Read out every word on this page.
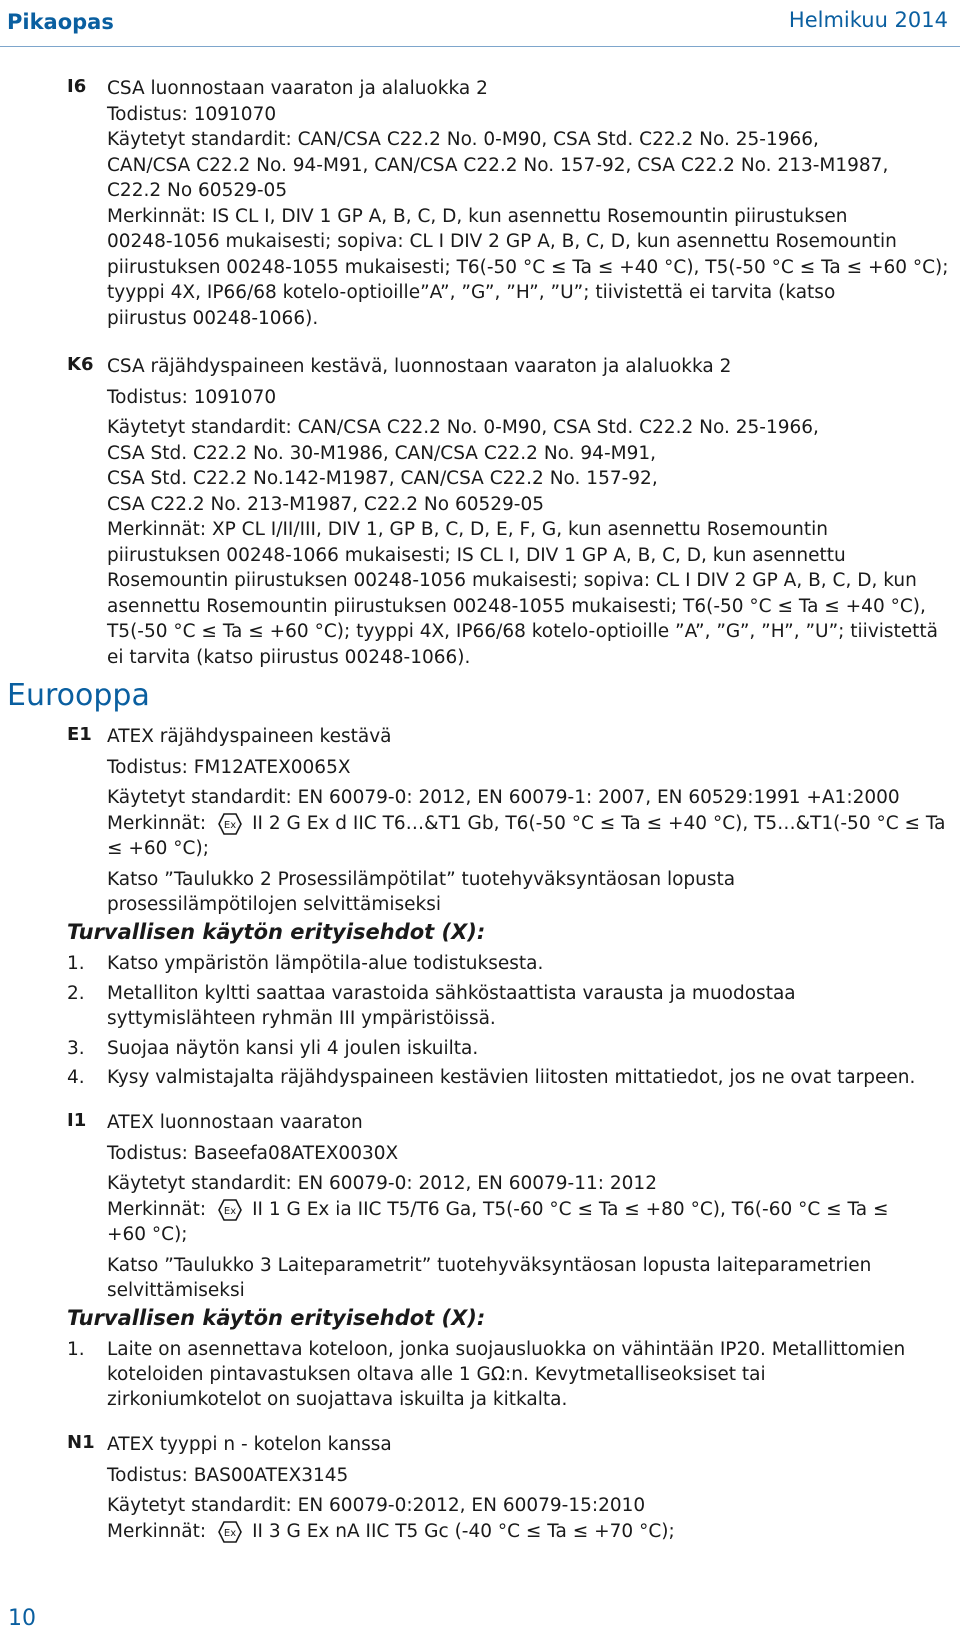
Pikaopas	Helmikuu 2014
I6 CSA luonnostaan vaaraton ja alaluokka 2
Todistus: 1091070
Käytetyt standardit: CAN/CSA C22.2 No. 0-M90, CSA Std. C22.2 No. 25-1966,
CAN/CSA C22.2 No. 94-M91, CAN/CSA C22.2 No. 157-92, CSA C22.2 No. 213-M1987,
C22.2 No 60529-05
Merkinnät: IS CL I, DIV 1 GP A, B, C, D, kun asennettu Rosemountin piirustuksen
00248-1056 mukaisesti; sopiva: CL I DIV 2 GP A, B, C, D, kun asennettu Rosemountin
piirustuksen 00248-1055 mukaisesti; T6(-50 °C ≤ Ta ≤ +40 °C), T5(-50 °C ≤ Ta ≤ +60 °C);
tyyppi 4X, IP66/68 kotelo-optioille”A”, ”G”, ”H”, ”U”; tiivistettä ei tarvita (katso
piirustus 00248-1066).
K6 CSA räjähdyspaineen kestävä, luonnostaan vaaraton ja alaluokka 2
Todistus: 1091070
Käytetyt standardit: CAN/CSA C22.2 No. 0-M90, CSA Std. C22.2 No. 25-1966,
CSA Std. C22.2 No. 30-M1986, CAN/CSA C22.2 No. 94-M91,
CSA Std. C22.2 No.142-M1987, CAN/CSA C22.2 No. 157-92,
CSA C22.2 No. 213-M1987, C22.2 No 60529-05
Merkinnät: XP CL I/II/III, DIV 1, GP B, C, D, E, F, G, kun asennettu Rosemountin
piirustuksen 00248-1066 mukaisesti; IS CL I, DIV 1 GP A, B, C, D, kun asennettu
Rosemountin piirustuksen 00248-1056 mukaisesti; sopiva: CL I DIV 2 GP A, B, C, D, kun
asennettu Rosemountin piirustuksen 00248-1055 mukaisesti; T6(-50 °C ≤ Ta ≤ +40 °C),
T5(-50 °C ≤ Ta ≤ +60 °C); tyyppi 4X, IP66/68 kotelo-optioille ”A”, ”G”, ”H”, ”U”; tiivistettä
ei tarvita (katso piirustus 00248-1066).
Eurooppa
E1 ATEX räjähdyspaineen kestävä
Todistus: FM12ATEX0065X
Käytetyt standardit: EN 60079-0: 2012, EN 60079-1: 2007, EN 60529:1991 +A1:2000
Merkinnät: Ex II 2 G Ex d IIC T6…&T1 Gb, T6(-50 °C ≤ Ta ≤ +40 °C), T5…&T1(-50 °C ≤ Ta
≤ +60 °C);
Katso ”Taulukko 2 Prosessilämpötilat” tuotehyväksyntäosan lopusta
prosessilämpötilojen selvittämiseksi
Turvallisen käytön erityisehdot (X):
1. Katso ympäristön lämpötila-alue todistuksesta.
2. Metalliton kyltti saattaa varastoida sähköstaattista varausta ja muodostaa
syttymislähteen ryhmän III ympäristöissä.
3. Suojaa näytön kansi yli 4 joulen iskuilta.
4. Kysy valmistajalta räjähdyspaineen kestävien liitosten mittatiedot, jos ne ovat tarpeen.
I1 ATEX luonnostaan vaaraton
Todistus: Baseefa08ATEX0030X
Käytetyt standardit: EN 60079-0: 2012, EN 60079-11: 2012
Merkinnät: Ex II 1 G Ex ia IIC T5/T6 Ga, T5(-60 °C ≤ Ta ≤ +80 °C), T6(-60 °C ≤ Ta ≤
+60 °C);
Katso ”Taulukko 3 Laiteparametrit” tuotehyväksyntäosan lopusta laiteparametrien
selvittämiseksi
Turvallisen käytön erityisehdot (X):
1. Laite on asennettava koteloon, jonka suojausluokka on vähintään IP20. Metallittomien
koteloiden pintavastuksen oltava alle 1 GΩ:n. Kevytmetalliseoksiset tai
zirkoniumkotelot on suojattava iskuilta ja kitkalta.
N1 ATEX tyyppi n - kotelon kanssa
Todistus: BAS00ATEX3145
Käytetyt standardit: EN 60079-0:2012, EN 60079-15:2010
Merkinnät: Ex II 3 G Ex nA IIC T5 Gc (-40 °C ≤ Ta ≤ +70 °C);
10
